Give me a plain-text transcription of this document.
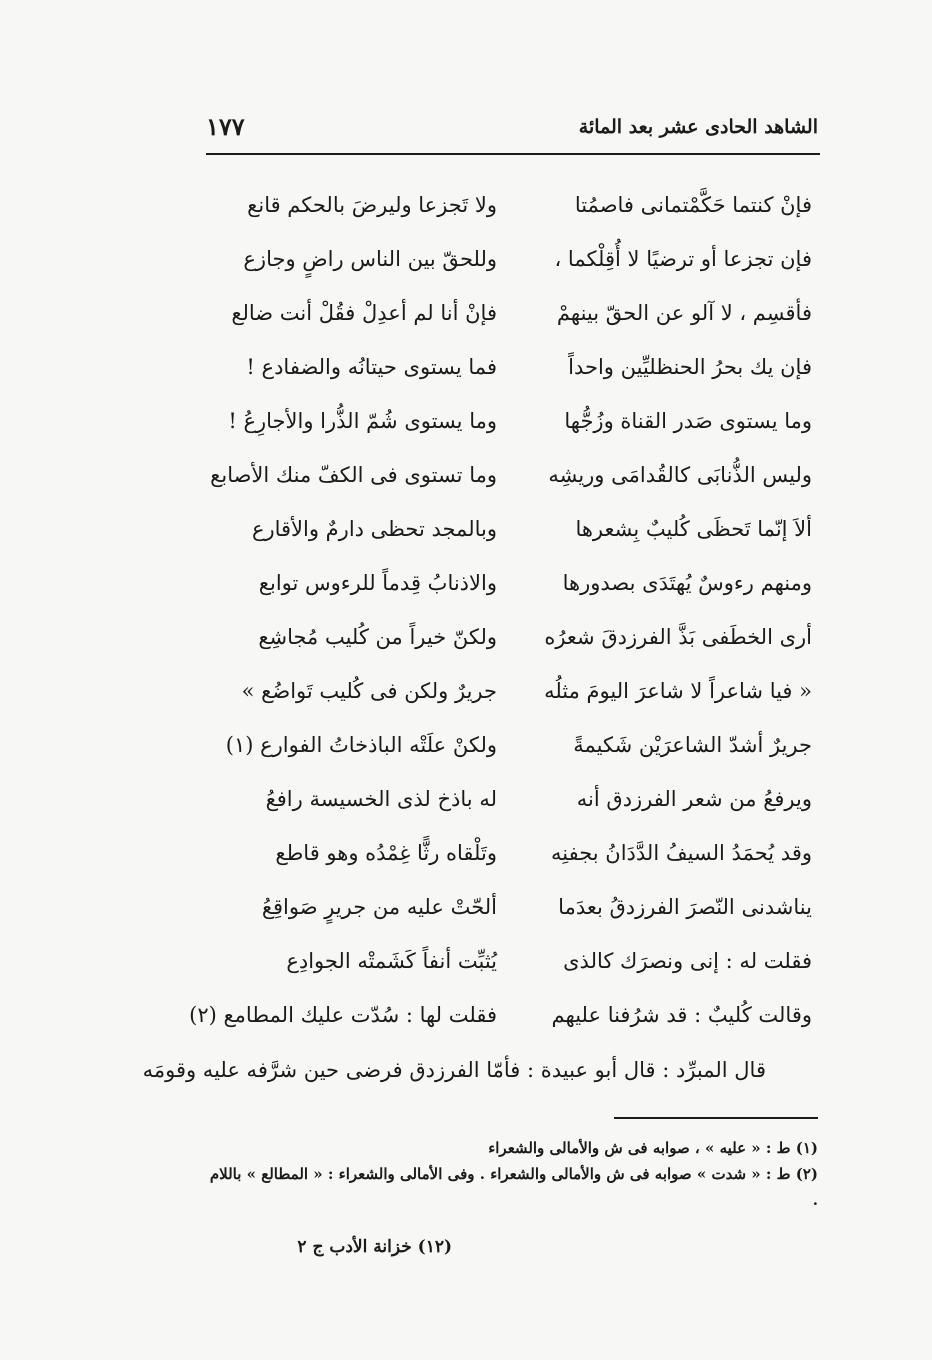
الشاهد الحادى عشر بعد المائة
١٧٧
فإنْ كنتما حَكَّمْتمانى فاصمُتا
ولا تَجزعا وليرضَ بالحكم قانع
فإن تجزعا أو ترضيًا لا أُقِلْكما ،
وللحقّ بين الناس راضٍ وجازع
فأقسِم ، لا آلو عن الحقّ بينهمْ
فإنْ أنا لم أعدِلْ فقُلْ أنت ضالع
فإن يك بحرُ الحنظليِّين واحداً
فما يستوى حيتانُه والضفادع !
وما يستوى صَدر القناة وزُجُّها
وما يستوى شُمّ الذُّرا والأجارِعُ !
وليس الذُّنابَى كالقُدامَى وريشِه
وما تستوى فى الكفّ منك الأصابع
ألاَ إنّما تَحظَى كُليبٌ بِشعرها
وبالمجد تحظى دارمٌ والأقارع
ومنهم رءوسٌ يُهتَدَى بصدورها
والاذنابُ قِدماً للرءوس توابع
أرى الخطَفى بَذَّ الفرزدقَ شعرُه
ولكنّ خيراً من كُليب مُجاشِع
« فيا شاعراً لا شاعرَ اليومَ مثلُه
جريرٌ ولكن فى كُليب تَواضُع »
جريرٌ أشدّ الشاعرَيْن شَكيمةً
ولكنْ علَتْه الباذخاتُ الفوارع (١)
ويرفعُ من شعر الفرزدق أنه
له باذخ لذى الخسيسة رافعُ
وقد يُحمَدُ السيفُ الدَّدَانُ بجفنِه
وتَلْقاه رثًّا غِمْدُه وهو قاطع
يناشدنى النّصرَ الفرزدقُ بعدَما
ألحّتْ عليه من جريرٍ صَواقِعُ
فقلت له : إنى ونصرَك كالذى
يُثبِّت أنفاً كَشَمتْه الجوادِع
وقالت كُليبٌ : قد شرُفنا عليهم
فقلت لها : سُدّت عليك المطامع (٢)
قال المبرِّد : قال أبو عبيدة : فأمّا الفرزدق فرضى حين شرَّفه عليه وقومَه
(١) ط : « عليه » ، صوابه فى ش والأمالى والشعراء
(٢) ط : « شدت » صوابه فى ش والأمالى والشعراء . وفى الأمالى والشعراء : « المطالع » باللام .
(١٢) خزانة الأدب ج ٢
